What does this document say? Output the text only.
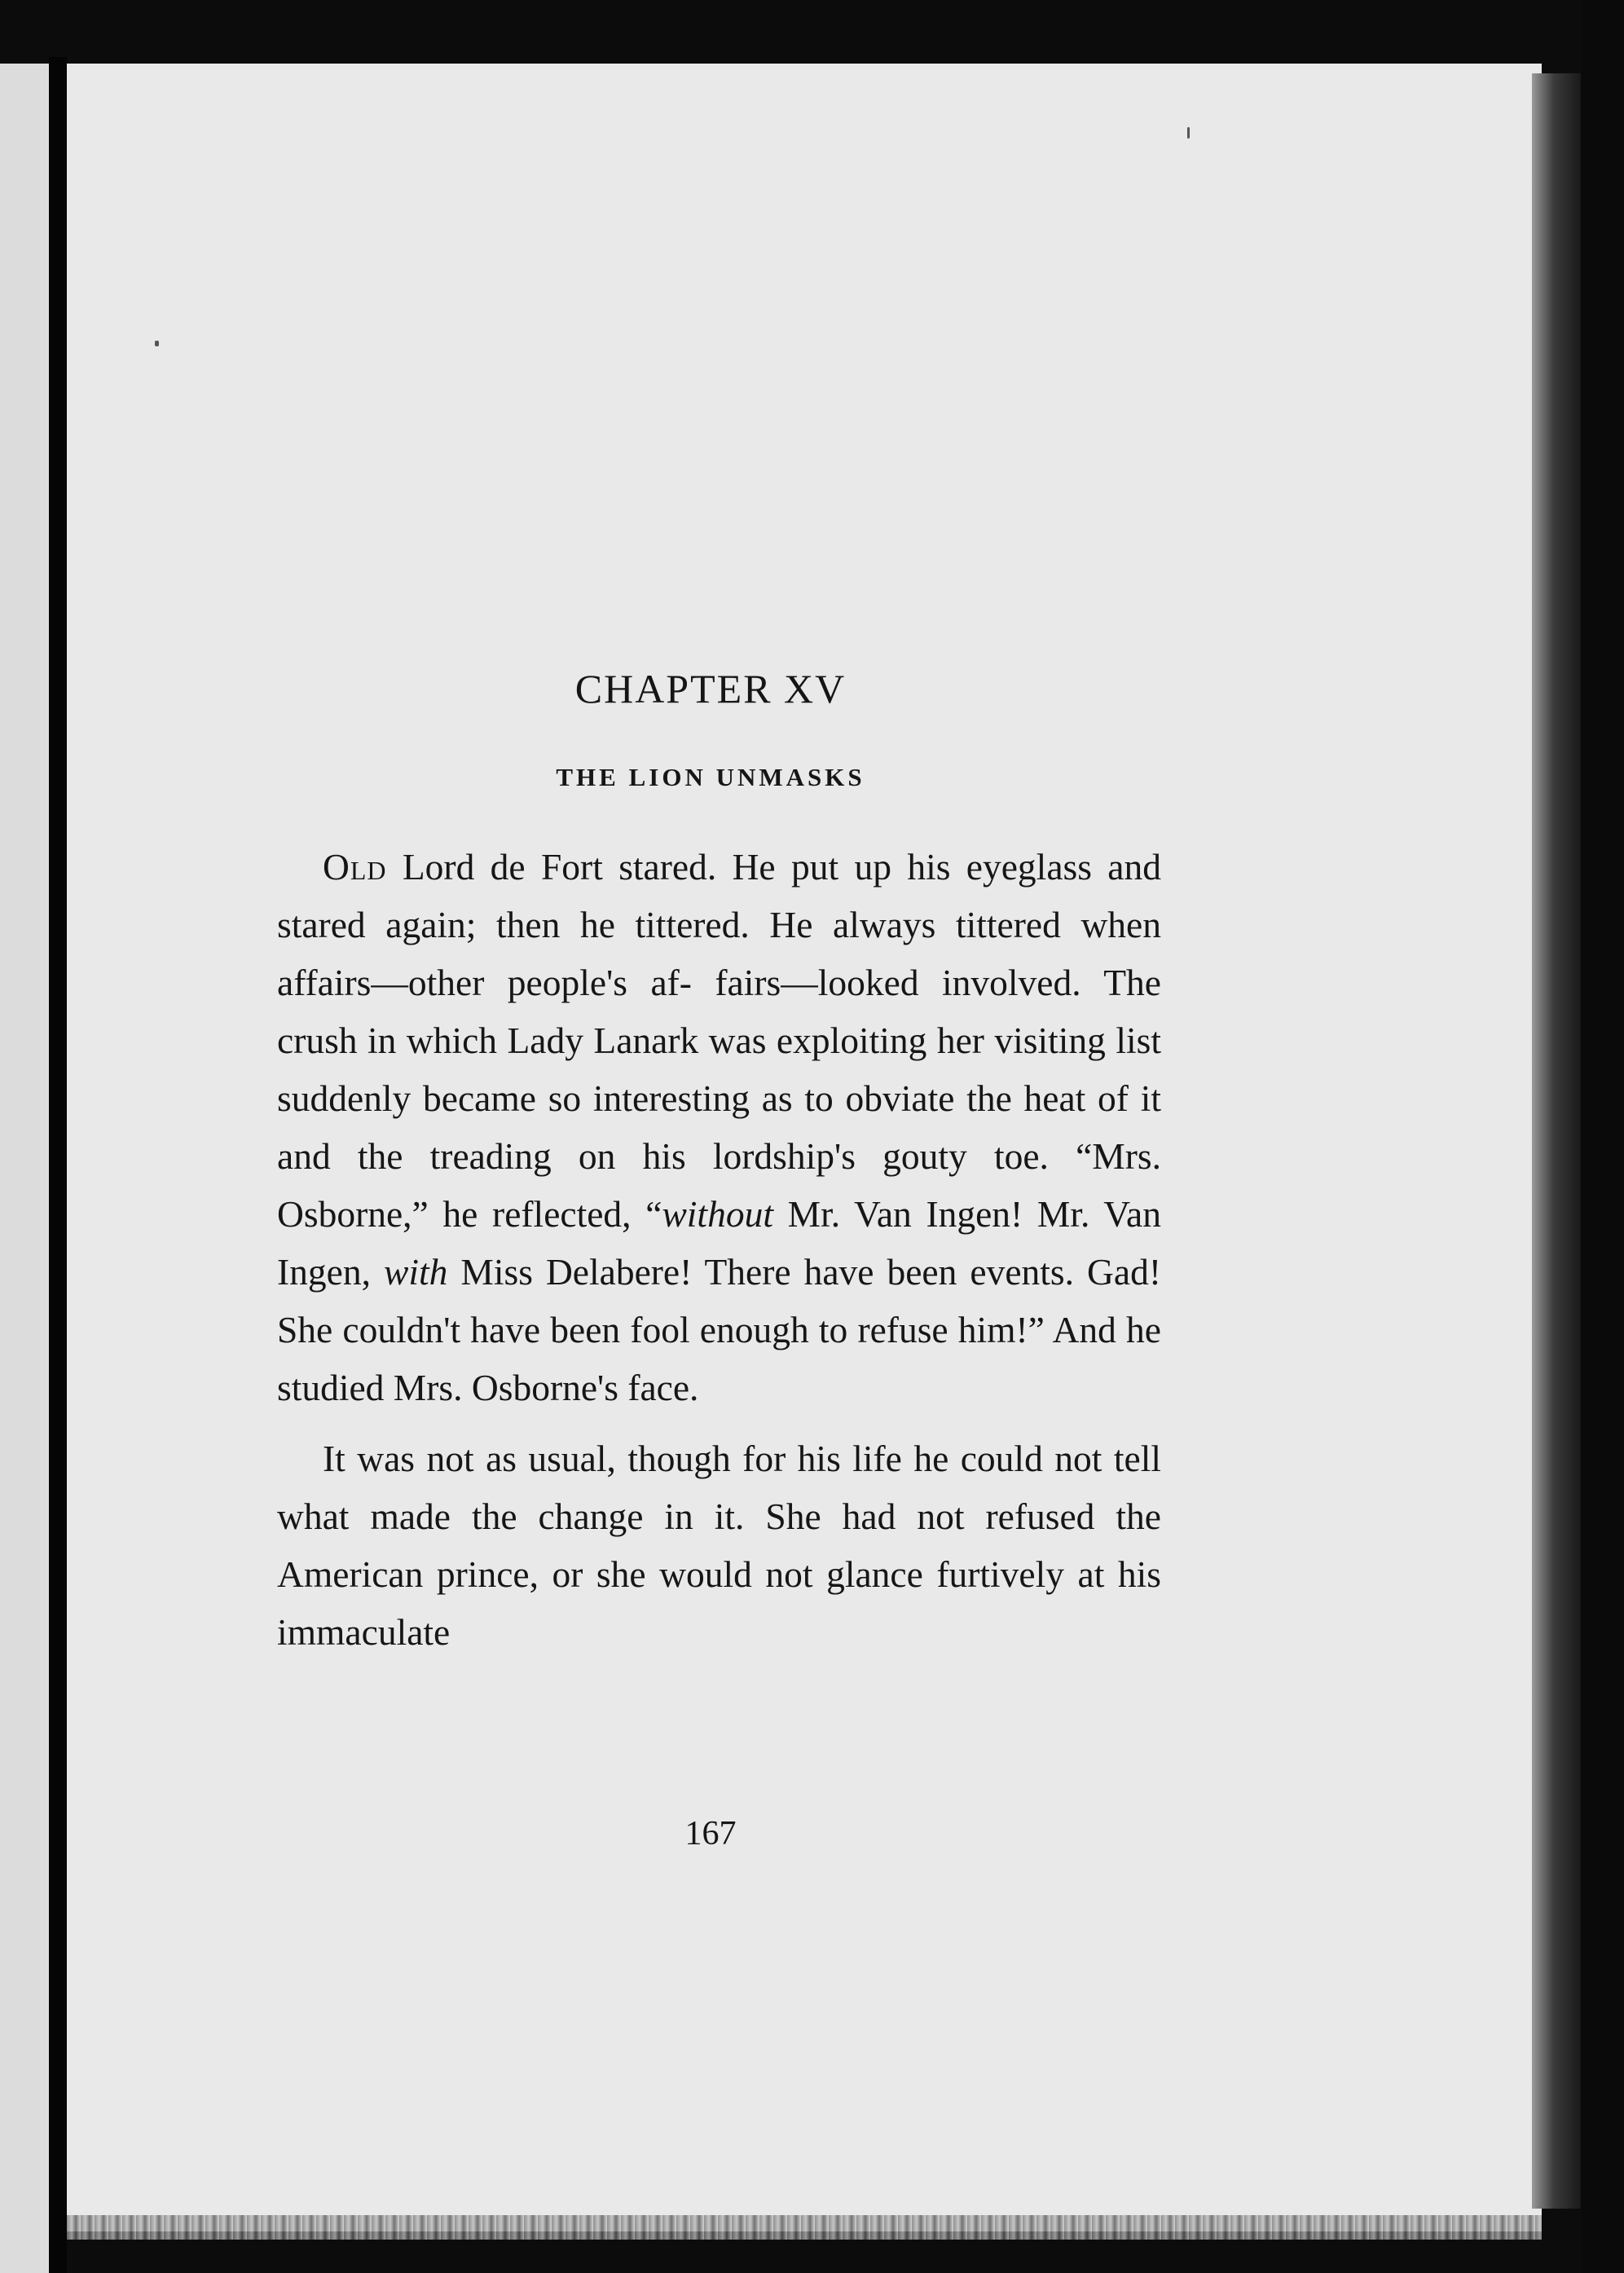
CHAPTER XV
THE LION UNMASKS

Old Lord de Fort stared. He put up his eyeglass and stared again; then he tittered. He always tittered when affairs—other people's af- fairs—looked involved. The crush in which Lady Lanark was exploiting her visiting list suddenly became so interesting as to obviate the heat of it and the treading on his lordship's gouty toe. “Mrs. Osborne,” he reflected, “without Mr. Van Ingen! Mr. Van Ingen, with Miss Delabere! There have been events. Gad! She couldn't have been fool enough to refuse him!” And he studied Mrs. Osborne's face.

It was not as usual, though for his life he could not tell what made the change in it. She had not refused the American prince, or she would not glance furtively at his immaculate

167
